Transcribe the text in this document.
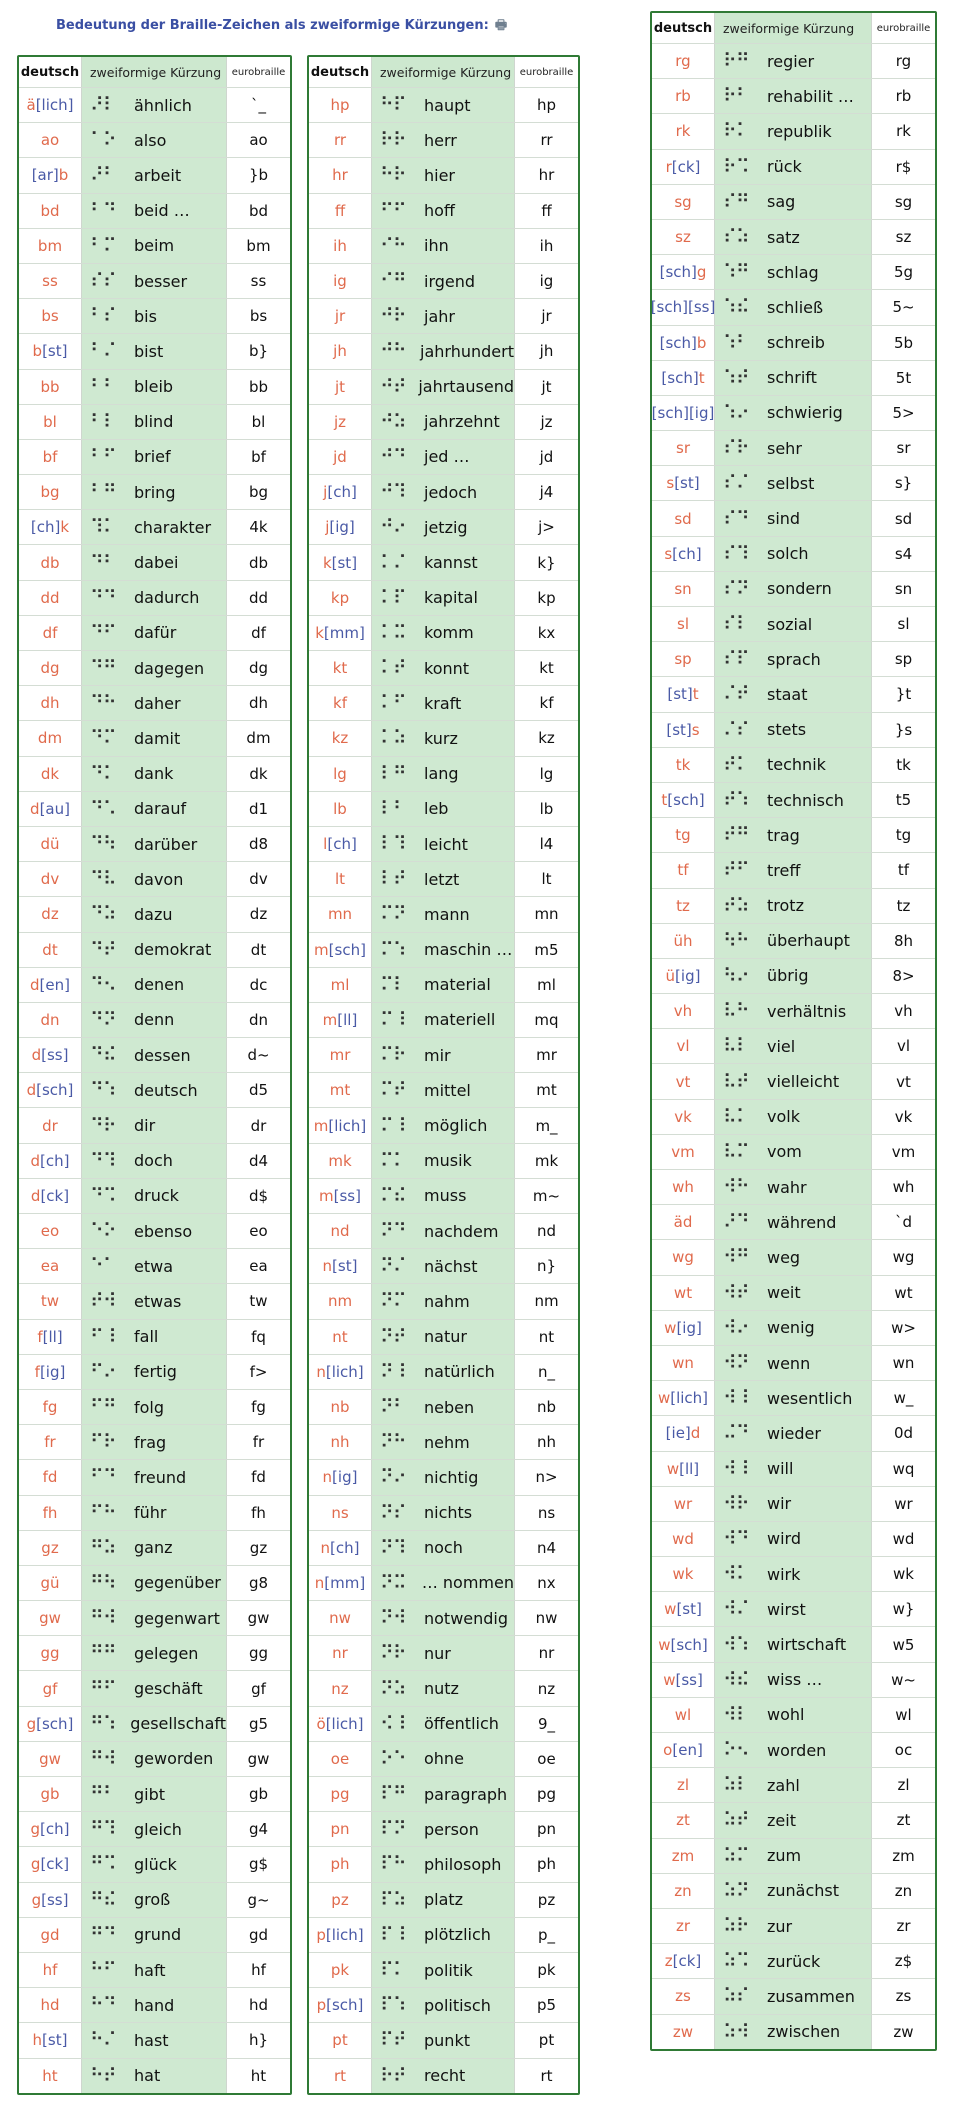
Bedeutung der Braille-Zeichen als zweiformige Kürzungen: 🖶
deutsch zweiformige Kürzung	eurobraille
ä [lich] ⠜⠇	ähnlich	`_
ao ⠁⠕	also	ao
[ar] b ⠜⠃	arbeit	}b
bd ⠃⠙	beid …	bd
bm ⠃⠍	beim	bm
ss ⠎⠎	besser	ss
bs ⠃⠎	bis	bs
b [st] ⠃⠌	bist	b}
bb ⠃⠃	bleib	bb
bl ⠃⠇	blind	bl
bf ⠃⠋	brief	bf
bg ⠃⠛	bring	bg
[ch] k ⠹⠅	charakter	4k
db ⠙⠃	dabei	db
dd ⠙⠙	dadurch	dd
df ⠙⠋	dafür	df
dg ⠙⠛	dagegen	dg
dh ⠙⠓	daher	dh
dm ⠙⠍	damit	dm
dk ⠙⠅	dank	dk
d [au] ⠙⠡	darauf	d1
dü ⠙⠳	darüber	d8
dv ⠙⠧	davon	dv
dz ⠙⠵	dazu	dz
dt ⠙⠞	demokrat	dt
d [en] ⠙⠢	denen	dc
dn ⠙⠝	denn	dn
d [ss] ⠙⠮	dessen	d~
d [sch] ⠙⠱	deutsch	d5
dr ⠙⠗	dir	dr
d [ch] ⠙⠹	doch	d4
d [ck] ⠙⠩	druck	d$
eo ⠑⠕	ebenso	eo
ea ⠑⠁	etwa	ea
tw ⠞⠺	etwas	tw
f [ll] ⠋⠸	fall	fq
f [ig] ⠋⠔	fertig	f>
fg ⠋⠛	folg	fg
fr ⠋⠗	frag	fr
fd ⠋⠙	freund	fd
fh ⠋⠓	führ	fh
gz ⠛⠵	ganz	gz
gü ⠛⠳	gegenüber	g8
gw ⠛⠺	gegenwart	gw
gg ⠛⠛	gelegen	gg
gf ⠛⠋	geschäft	gf
g [sch] ⠛⠱ gesellschaft	g5
gw ⠛⠺	geworden	gw
gb ⠛⠃	gibt	gb
g [ch] ⠛⠹	gleich	g4
g [ck] ⠛⠩	glück	g$
g [ss] ⠛⠮	groß	g~
gd ⠛⠙	grund	gd
hf ⠓⠋	haft	hf
hd ⠓⠙	hand	hd
h [st] ⠓⠌	hast	h}
ht ⠓⠞	hat	ht
deutsch zweiformige Kürzung eurobraille
hp ⠓⠏	haupt	hp
rr ⠗⠗	herr	rr
hr ⠓⠗	hier	hr
ff ⠋⠋	hoff	ff
ih ⠊⠓	ihn	ih
ig ⠊⠛	irgend	ig
jr ⠚⠗	jahr	jr
jh ⠚⠓ jahrhundert	jh
jt ⠚⠞ jahrtausend	jt
jz ⠚⠵	jahrzehnt	jz
jd ⠚⠙	jed …	jd
j [ch] ⠚⠹	jedoch	j4
j [ig] ⠚⠔	jetzig	j>
k [st] ⠅⠌	kannst	k}
kp ⠅⠏	kapital	kp
k [mm] ⠅⠭	komm	kx
kt ⠅⠞	konnt	kt
kf ⠅⠋	kraft	kf
kz ⠅⠵	kurz	kz
lg ⠇⠛	lang	lg
lb ⠇⠃	leb	lb
l [ch] ⠇⠹	leicht	l4
lt ⠇⠞	letzt	lt
mn ⠍⠝	mann	mn
m [sch] ⠍⠱	maschin …	m5
ml ⠍⠇	material	ml
m [ll] ⠍⠸	materiell	mq
mr ⠍⠗	mir	mr
mt ⠍⠞	mittel	mt
m [lich] ⠍⠸	möglich	m_
mk ⠍⠅	musik	mk
m [ss] ⠍⠮	muss	m~
nd ⠝⠙	nachdem	nd
n [st] ⠝⠌	nächst	n}
nm ⠝⠍	nahm	nm
nt ⠝⠞	natur	nt
n [lich] ⠝⠸	natürlich	n_
nb ⠝⠃	neben	nb
nh ⠝⠓	nehm	nh
n [ig] ⠝⠔	nichtig	n>
ns ⠝⠎	nichts	ns
n [ch] ⠝⠹	noch	n4
n [mm] ⠝⠭ … nommen	nx
nw ⠝⠺	notwendig	nw
nr ⠝⠗	nur	nr
nz ⠝⠵	nutz	nz
ö [lich] ⠪⠸	öffentlich	9_
oe ⠕⠑	ohne	oe
pg ⠏⠛	paragraph	pg
pn ⠏⠝	person	pn
ph ⠏⠓	philosoph	ph
pz ⠏⠵	platz	pz
p [lich] ⠏⠸	plötzlich	p_
pk ⠏⠅	politik	pk
p [sch] ⠏⠱	politisch	p5
pt ⠏⠞	punkt	pt
rt ⠗⠞	recht	rt
deutsch zweiformige Kürzung	eurobraille
rg ⠗⠛	regier	rg
rb ⠗⠃	rehabilit …	rb
rk ⠗⠅	republik	rk
r [ck] ⠗⠩	rück	r$
sg ⠎⠛	sag	sg
sz ⠎⠵	satz	sz
[sch] g ⠱⠛	schlag	5g
[sch] [ss] ⠱⠮	schließ	5~
[sch] b ⠱⠃	schreib	5b
[sch] t ⠱⠞	schrift	5t
[sch] [ig] ⠱⠔	schwierig	5>
sr ⠎⠗	sehr	sr
s [st] ⠎⠌	selbst	s}
sd ⠎⠙	sind	sd
s [ch] ⠎⠹	solch	s4
sn ⠎⠝	sondern	sn
sl ⠎⠇	sozial	sl
sp ⠎⠏	sprach	sp
[st] t ⠌⠞	staat	}t
[st] s ⠌⠎	stets	}s
tk ⠞⠅	technik	tk
t [sch] ⠞⠱	technisch	t5
tg ⠞⠛	trag	tg
tf ⠞⠋	treff	tf
tz ⠞⠵	trotz	tz
üh ⠳⠓	überhaupt	8h
ü [ig] ⠳⠔	übrig	8>
vh ⠧⠓	verhältnis	vh
vl ⠧⠇	viel	vl
vt ⠧⠞	vielleicht	vt
vk ⠧⠅	volk	vk
vm ⠧⠍	vom	vm
wh ⠺⠓	wahr	wh
äd ⠜⠙	während	`d
wg ⠺⠛	weg	wg
wt ⠺⠞	weit	wt
w [ig] ⠺⠔	wenig	w>
wn ⠺⠝	wenn	wn
w [lich] ⠺⠸	wesentlich	w_
[ie] d ⠬⠙	wieder	0d
w [ll] ⠺⠸	will	wq
wr ⠺⠗	wir	wr
wd ⠺⠙	wird	wd
wk ⠺⠅	wirk	wk
w [st] ⠺⠌	wirst	w}
w [sch] ⠺⠱	wirtschaft	w5
w [ss] ⠺⠮	wiss …	w~
wl ⠺⠇	wohl	wl
o [en] ⠕⠢	worden	oc
zl ⠵⠇	zahl	zl
zt ⠵⠞	zeit	zt
zm ⠵⠍	zum	zm
zn ⠵⠝	zunächst	zn
zr ⠵⠗	zur	zr
z [ck] ⠵⠩	zurück	z$
zs ⠵⠎	zusammen	zs
zw ⠵⠺	zwischen	zw
